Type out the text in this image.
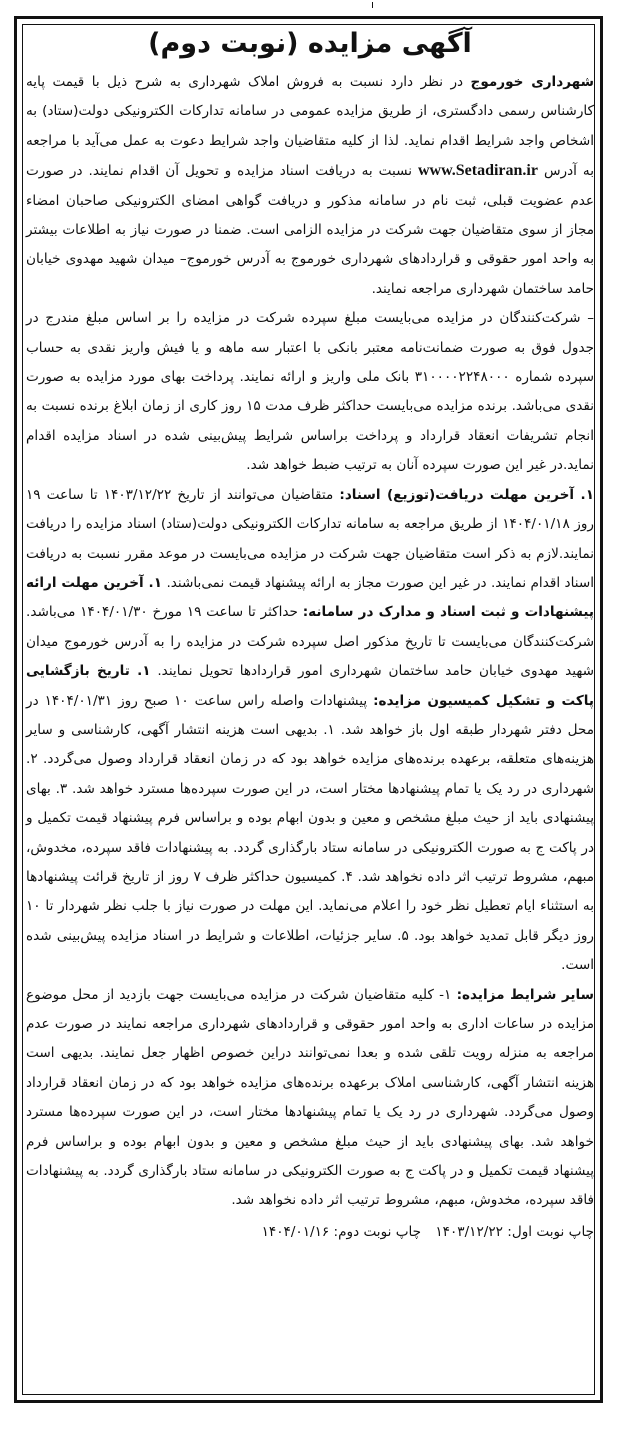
آگهی مزایده (نوبت دوم)

شهرداری خورموج در نظر دارد نسبت به فروش املاک شهرداری به شرح ذیل با قیمت پایه کارشناس رسمی دادگستری، از طریق مزایده عمومی در سامانه تدارکات الکترونیکی دولت(ستاد) به اشخاص واجد شرایط اقدام نماید. لذا از کلیه متقاضیان واجد شرایط دعوت به عمل می‌آید با مراجعه به آدرس www.Setadiran.ir نسبت به دریافت اسناد مزایده و تحویل آن اقدام نمایند. در صورت عدم عضویت قبلی، ثبت نام در سامانه مذکور و دریافت گواهی امضای الکترونیکی صاحبان امضاء مجاز از سوی متقاضیان جهت شرکت در مزایده الزامی است. ضمنا در صورت نیاز به اطلاعات بیشتر به واحد امور حقوقی و قراردادهای شهرداری خورموج به آدرس خورموج– میدان شهید مهدوی خیابان حامد ساختمان شهرداری مراجعه نمایند.

– شرکت‌کنندگان در مزایده می‌بایست مبلغ سپرده شرکت در مزایده را بر اساس مبلغ مندرج در جدول فوق به صورت ضمانت‌نامه معتبر بانکی با اعتبار سه ماهه و یا فیش واریز نقدی به حساب سپرده شماره ۳۱۰۰۰۰۲۲۴۸۰۰۰ بانک ملی واریز و ارائه نمایند. پرداخت بهای مورد مزایده به صورت نقدی می‌باشد. برنده مزایده می‌بایست حداکثر ظرف مدت ۱۵ روز کاری از زمان ابلاغ برنده نسبت به انجام تشریفات انعقاد قرارداد و پرداخت براساس شرایط پیش‌بینی شده در اسناد مزایده اقدام نماید.در غیر این صورت سپرده آنان به ترتیب ضبط خواهد شد.

۱. آخرین مهلت دریافت(توزیع) اسناد: متقاضیان می‌توانند از تاریخ ۱۴۰۳/۱۲/۲۲ تا ساعت ۱۹ روز ۱۴۰۴/۰۱/۱۸ از طریق مراجعه به سامانه تدارکات الکترونیکی دولت(ستاد) اسناد مزایده را دریافت نمایند.لازم به ذکر است متقاضیان جهت شرکت در مزایده می‌بایست در موعد مقرر نسبت به دریافت اسناد اقدام نمایند. در غیر این صورت مجاز به ارائه پیشنهاد قیمت نمی‌باشند. ۱. آخرین مهلت ارائه پیشنهادات و ثبت اسناد و مدارک در سامانه: حداکثر تا ساعت ۱۹ مورخ ۱۴۰۴/۰۱/۳۰ می‌باشد. شرکت‌کنندگان می‌بایست تا تاریخ مذکور اصل سپرده شرکت در مزایده را به آدرس خورموج میدان شهید مهدوی خیابان حامد ساختمان شهرداری امور قراردادها تحویل نمایند. ۱. تاریخ بازگشایی پاکت و تشکیل کمیسیون مزایده: پیشنهادات واصله راس ساعت ۱۰ صبح روز ۱۴۰۴/۰۱/۳۱ در محل دفتر شهردار طبقه اول باز خواهد شد. ۱. بدیهی است هزینه انتشار آگهی، کارشناسی و سایر هزینه‌های متعلقه، برعهده برنده‌های مزایده خواهد بود که در زمان انعقاد قرارداد وصول می‌گردد. ۲. شهرداری در رد یک یا تمام پیشنهادها مختار است، در این صورت سپرده‌ها مسترد خواهد شد. ۳. بهای پیشنهادی باید از حیث مبلغ مشخص و معین و بدون ابهام بوده و براساس فرم پیشنهاد قیمت تکمیل و در پاکت ج به صورت الکترونیکی در سامانه ستاد بارگذاری گردد. به پیشنهادات فاقد سپرده، مخدوش، مبهم، مشروط ترتیب اثر داده نخواهد شد. ۴. کمیسیون حداکثر ظرف ۷ روز از تاریخ قرائت پیشنهادها به استثناء ایام تعطیل نظر خود را اعلام می‌نماید. این مهلت در صورت نیاز با جلب نظر شهردار تا ۱۰ روز دیگر قابل تمدید خواهد بود. ۵. سایر جزئیات، اطلاعات و شرایط در اسناد مزایده پیش‌بینی شده است.

سایر شرایط مزایده: ۱- کلیه متقاضیان شرکت در مزایده می‌بایست جهت بازدید از محل موضوع مزایده در ساعات اداری به واحد امور حقوقی و قراردادهای شهرداری مراجعه نمایند در صورت عدم مراجعه به منزله رویت تلقی شده و بعدا نمی‌توانند دراین خصوص اظهار جعل نمایند. بدیهی است هزینه انتشار آگهی، کارشناسی املاک برعهده برنده‌های مزایده خواهد بود که در زمان انعقاد قرارداد وصول می‌گردد. شهرداری در رد یک یا تمام پیشنهادها مختار است، در این صورت سپرده‌ها مسترد خواهد شد. بهای پیشنهادی باید از حیث مبلغ مشخص و معین و بدون ابهام بوده و براساس فرم پیشنهاد قیمت تکمیل و در پاکت ج به صورت الکترونیکی در سامانه ستاد بارگذاری گردد. به پیشنهادات فاقد سپرده، مخدوش، مبهم، مشروط ترتیب اثر داده نخواهد شد.

چاپ نوبت اول: ۱۴۰۳/۱۲/۲۲ چاپ نوبت دوم: ۱۴۰۴/۰۱/۱۶
